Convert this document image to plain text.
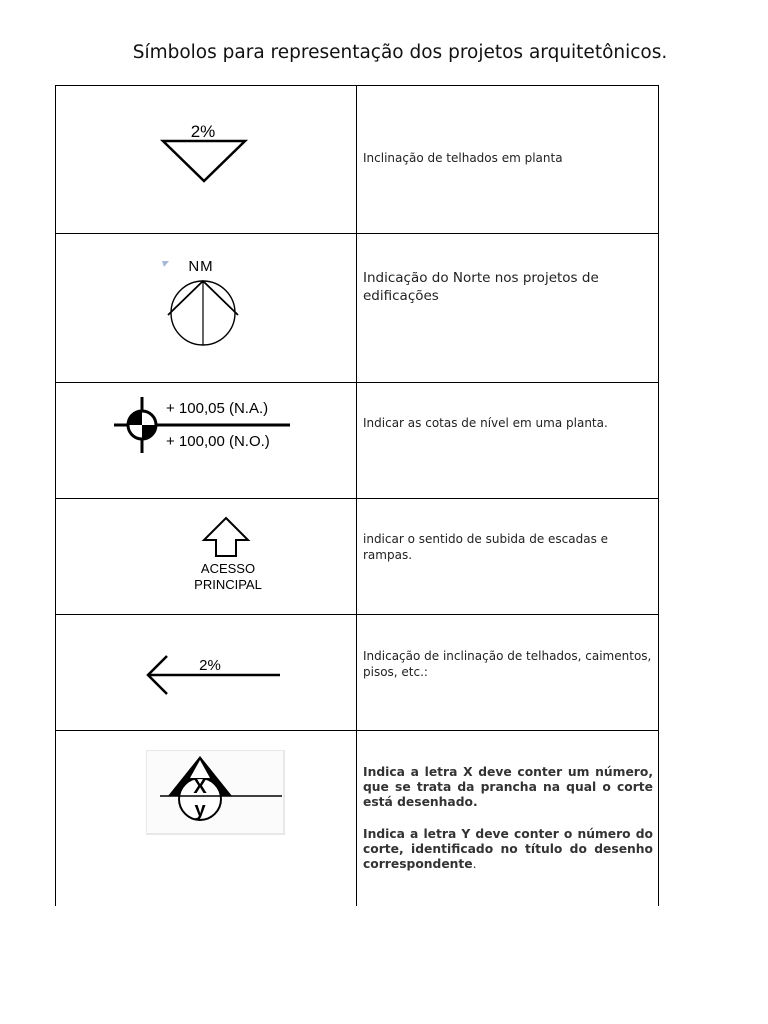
Símbolos para representação dos projetos arquitetônicos.
2%
Inclinação de telhados em planta
NM
Indicação do Norte nos projetos de edificações
+ 100,05 (N.A.)
+ 100,00 (N.O.)
Indicar as cotas de nível em uma planta.
ACESSO
PRINCIPAL
indicar o sentido de subida de escadas e rampas.
2%
Indicação de inclinação de telhados, caimentos, pisos, etc.:
X
y
Indica a letra X deve conter um número, que se trata da prancha na qual o corte está desenhado.
Indica a letra Y deve conter o número do corte, identificado no título do desenho correspondente.
